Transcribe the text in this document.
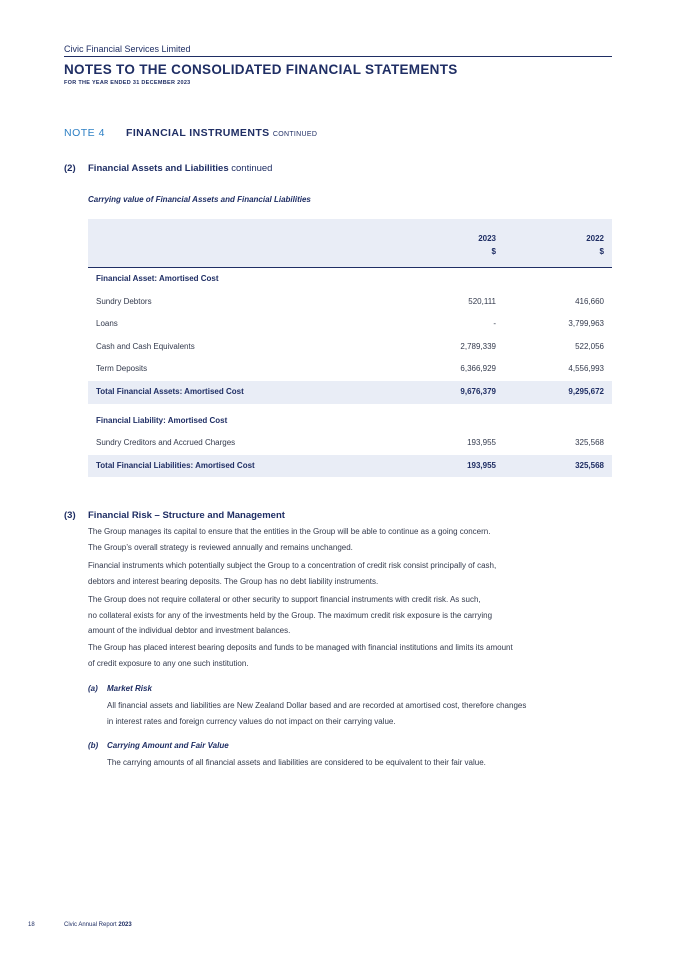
Civic Financial Services Limited
NOTES TO THE CONSOLIDATED FINANCIAL STATEMENTS
FOR THE YEAR ENDED 31 DECEMBER 2023
NOTE 4 FINANCIAL INSTRUMENTS CONTINUED
(2) Financial Assets and Liabilities continued
Carrying value of Financial Assets and Financial Liabilities
2023
$
2022
$
Financial Asset: Amortised Cost
Sundry Debtors	520,111	416,660
Loans	-	3,799,963
Cash and Cash Equivalents	2,789,339	522,056
Term Deposits	6,366,929	4,556,993
Total Financial Assets: Amortised Cost	9,676,379	9,295,672
Financial Liability: Amortised Cost
Sundry Creditors and Accrued Charges	193,955	325,568
Total Financial Liabilities: Amortised Cost	193,955	325,568
(3) Financial Risk – Structure and Management
The Group manages its capital to ensure that the entities in the Group will be able to continue as a going concern.
The Group’s overall strategy is reviewed annually and remains unchanged.
Financial instruments which potentially subject the Group to a concentration of credit risk consist principally of cash,
debtors and interest bearing deposits. The Group has no debt liability instruments.
The Group does not require collateral or other security to support financial instruments with credit risk. As such,
no collateral exists for any of the investments held by the Group. The maximum credit risk exposure is the carrying
amount of the individual debtor and investment balances.
The Group has placed interest bearing deposits and funds to be managed with financial institutions and limits its amount
of credit exposure to any one such institution.
(a) Market Risk
All financial assets and liabilities are New Zealand Dollar based and are recorded at amortised cost, therefore changes
in interest rates and foreign currency values do not impact on their carrying value.
(b) Carrying Amount and Fair Value
The carrying amounts of all financial assets and liabilities are considered to be equivalent to their fair value.
18	Civic Annual Report 2023
